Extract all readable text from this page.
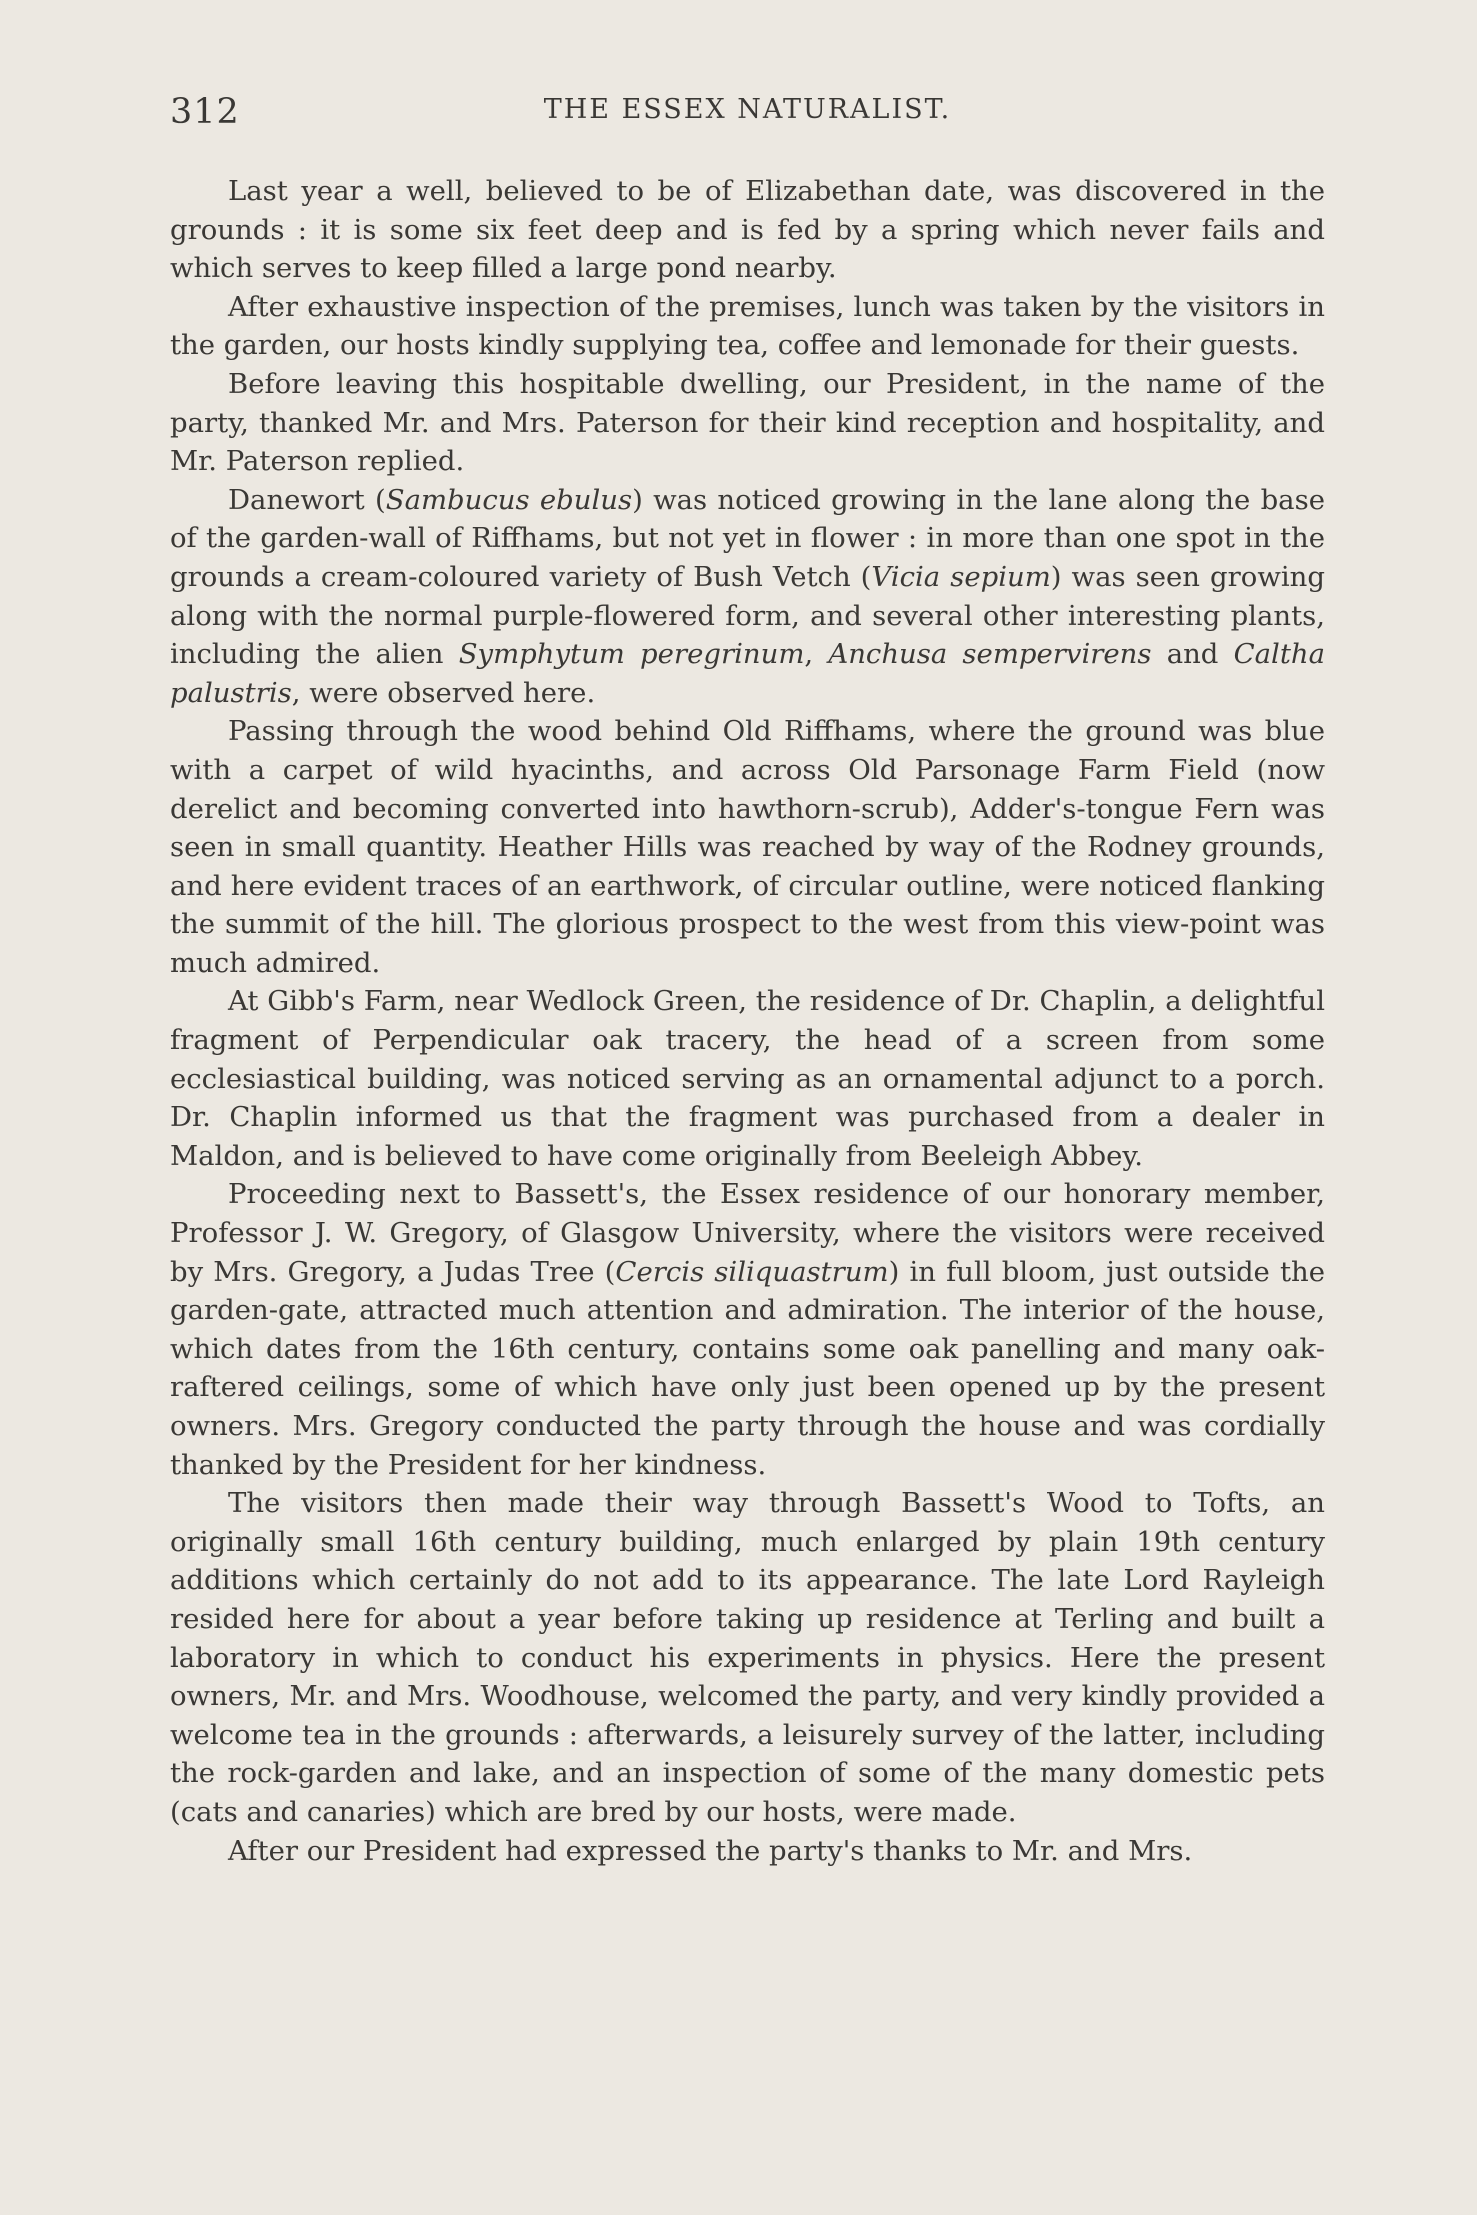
312	THE ESSEX NATURALIST.

Last year a well, believed to be of Elizabethan date, was discovered in the grounds : it is some six feet deep and is fed by a spring which never fails and which serves to keep filled a large pond nearby.

After exhaustive inspection of the premises, lunch was taken by the visitors in the garden, our hosts kindly supplying tea, coffee and lemonade for their guests.

Before leaving this hospitable dwelling, our President, in the name of the party, thanked Mr. and Mrs. Paterson for their kind reception and hospitality, and Mr. Paterson replied.

Danewort (Sambucus ebulus) was noticed growing in the lane along the base of the garden-wall of Riffhams, but not yet in flower : in more than one spot in the grounds a cream-coloured variety of Bush Vetch (Vicia sepium) was seen growing along with the normal purple-flowered form, and several other interesting plants, including the alien Symphytum peregrinum, Anchusa sempervirens and Caltha palustris, were observed here.

Passing through the wood behind Old Riffhams, where the ground was blue with a carpet of wild hyacinths, and across Old Parsonage Farm Field (now derelict and becoming converted into hawthorn-scrub), Adder's-tongue Fern was seen in small quantity. Heather Hills was reached by way of the Rodney grounds, and here evident traces of an earthwork, of circular outline, were noticed flanking the summit of the hill. The glorious prospect to the west from this view-point was much admired.

At Gibb's Farm, near Wedlock Green, the residence of Dr. Chaplin, a delightful fragment of Perpendicular oak tracery, the head of a screen from some ecclesiastical building, was noticed serving as an ornamental adjunct to a porch. Dr. Chaplin informed us that the fragment was purchased from a dealer in Maldon, and is believed to have come originally from Beeleigh Abbey.

Proceeding next to Bassett's, the Essex residence of our honorary member, Professor J. W. Gregory, of Glasgow University, where the visitors were received by Mrs. Gregory, a Judas Tree (Cercis siliquastrum) in full bloom, just outside the garden-gate, attracted much attention and admiration. The interior of the house, which dates from the 16th century, contains some oak panelling and many oak-raftered ceilings, some of which have only just been opened up by the present owners. Mrs. Gregory conducted the party through the house and was cordially thanked by the President for her kindness.

The visitors then made their way through Bassett's Wood to Tofts, an originally small 16th century building, much enlarged by plain 19th century additions which certainly do not add to its appearance. The late Lord Rayleigh resided here for about a year before taking up residence at Terling and built a laboratory in which to conduct his experiments in physics. Here the present owners, Mr. and Mrs. Woodhouse, welcomed the party, and very kindly provided a welcome tea in the grounds : afterwards, a leisurely survey of the latter, including the rock-garden and lake, and an inspection of some of the many domestic pets (cats and canaries) which are bred by our hosts, were made.

After our President had expressed the party's thanks to Mr. and Mrs.
